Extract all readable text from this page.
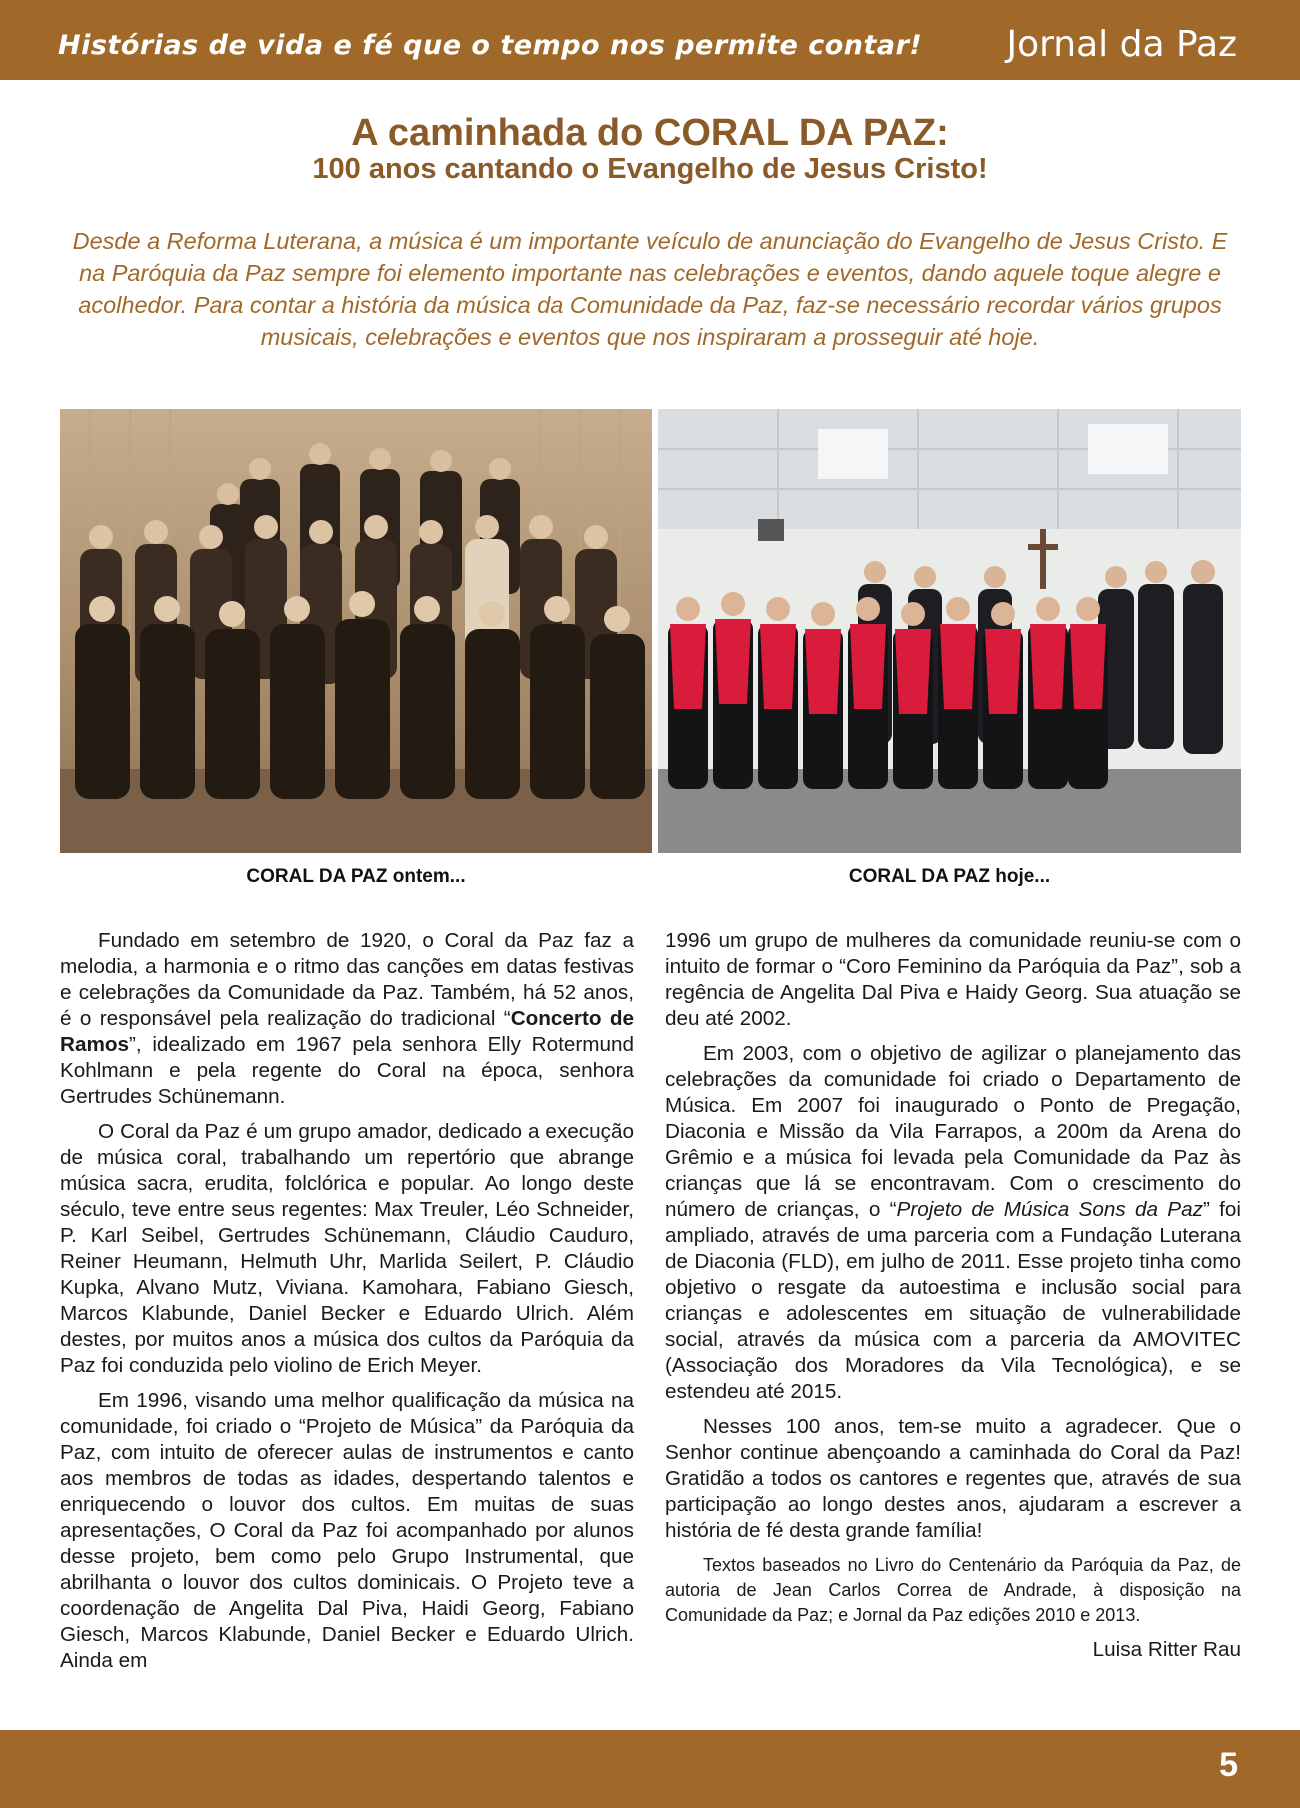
Histórias de vida e fé que o tempo nos permite contar! Jornal da Paz
A caminhada do CORAL DA PAZ:
100 anos cantando o Evangelho de Jesus Cristo!

Desde a Reforma Luterana, a música é um importante veículo de anunciação do Evangelho de Jesus Cristo. E na Paróquia da Paz sempre foi elemento importante nas celebrações e eventos, dando aquele toque alegre e acolhedor. Para contar a história da música da Comunidade da Paz, faz-se necessário recordar vários grupos musicais, celebrações e eventos que nos inspiraram a prosseguir até hoje.

CORAL DA PAZ ontem...	CORAL DA PAZ hoje...

Fundado em setembro de 1920, o Coral da Paz faz a melodia, a harmonia e o ritmo das canções em datas festivas e celebrações da Comunidade da Paz. Também, há 52 anos, é o responsável pela realização do tradicional “Concerto de Ramos”, idealizado em 1967 pela senhora Elly Rotermund Kohlmann e pela regente do Coral na época, senhora Gertrudes Schünemann.

O Coral da Paz é um grupo amador, dedicado a execução de música coral, trabalhando um repertório que abrange música sacra, erudita, folclórica e popular. Ao longo deste século, teve entre seus regentes: Max Treuler, Léo Schneider, P. Karl Seibel, Gertrudes Schünemann, Cláudio Cauduro, Reiner Heumann, Helmuth Uhr, Marlida Seilert, P. Cláudio Kupka, Alvano Mutz, Viviana. Kamohara, Fabiano Giesch, Marcos Klabunde, Daniel Becker e Eduardo Ulrich. Além destes, por muitos anos a música dos cultos da Paróquia da Paz foi conduzida pelo violino de Erich Meyer.

Em 1996, visando uma melhor qualificação da música na comunidade, foi criado o “Projeto de Música” da Paróquia da Paz, com intuito de oferecer aulas de instrumentos e canto aos membros de todas as idades, despertando talentos e enriquecendo o louvor dos cultos. Em muitas de suas apresentações, O Coral da Paz foi acompanhado por alunos desse projeto, bem como pelo Grupo Instrumental, que abrilhanta o louvor dos cultos dominicais. O Projeto teve a coordenação de Angelita Dal Piva, Haidi Georg, Fabiano Giesch, Marcos Klabunde, Daniel Becker e Eduardo Ulrich. Ainda em

1996 um grupo de mulheres da comunidade reuniu-se com o intuito de formar o “Coro Feminino da Paróquia da Paz”, sob a regência de Angelita Dal Piva e Haidy Georg. Sua atuação se deu até 2002.

Em 2003, com o objetivo de agilizar o planejamento das celebrações da comunidade foi criado o Departamento de Música. Em 2007 foi inaugurado o Ponto de Pregação, Diaconia e Missão da Vila Farrapos, a 200m da Arena do Grêmio e a música foi levada pela Comunidade da Paz às crianças que lá se encontravam. Com o crescimento do número de crianças, o “Projeto de Música Sons da Paz” foi ampliado, através de uma parceria com a Fundação Luterana de Diaconia (FLD), em julho de 2011. Esse projeto tinha como objetivo o resgate da autoestima e inclusão social para crianças e adolescentes em situação de vulnerabilidade social, através da música com a parceria da AMOVITEC (Associação dos Moradores da Vila Tecnológica), e se estendeu até 2015.

Nesses 100 anos, tem-se muito a agradecer. Que o Senhor continue abençoando a caminhada do Coral da Paz! Gratidão a todos os cantores e regentes que, através de sua participação ao longo destes anos, ajudaram a escrever a história de fé desta grande família!

Textos baseados no Livro do Centenário da Paróquia da Paz, de autoria de Jean Carlos Correa de Andrade, à disposição na Comunidade da Paz; e Jornal da Paz edições 2010 e 2013.

Luisa Ritter Rau
5
